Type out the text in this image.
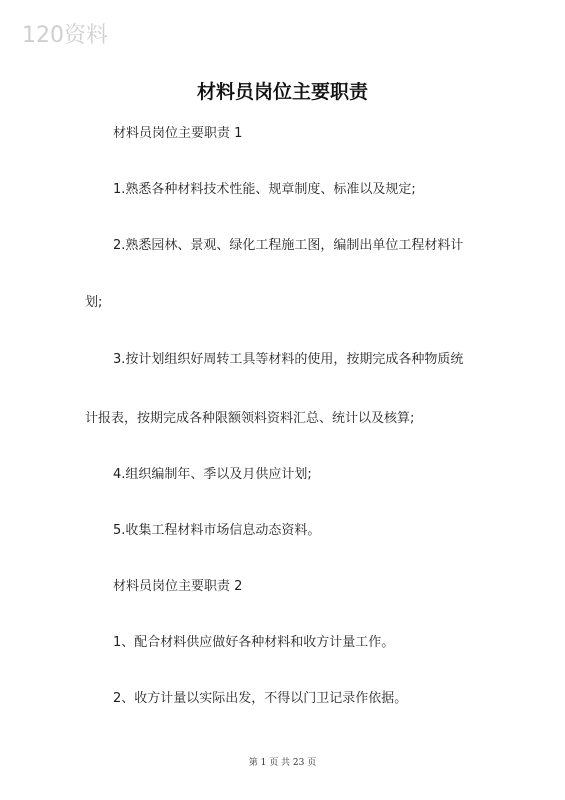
120资料
材料员岗位主要职责
材料员岗位主要职责 1
1.熟悉各种材料技术性能、规章制度、标准以及规定;
2.熟悉园林、景观、绿化工程施工图，编制出单位工程材料计
划;
3.按计划组织好周转工具等材料的使用，按期完成各种物质统
计报表，按期完成各种限额领料资料汇总、统计以及核算;
4.组织编制年、季以及月供应计划;
5.收集工程材料市场信息动态资料。
材料员岗位主要职责 2
1、配合材料供应做好各种材料和收方计量工作。
2、收方计量以实际出发，不得以门卫记录作依据。
第 1 页 共 23 页
